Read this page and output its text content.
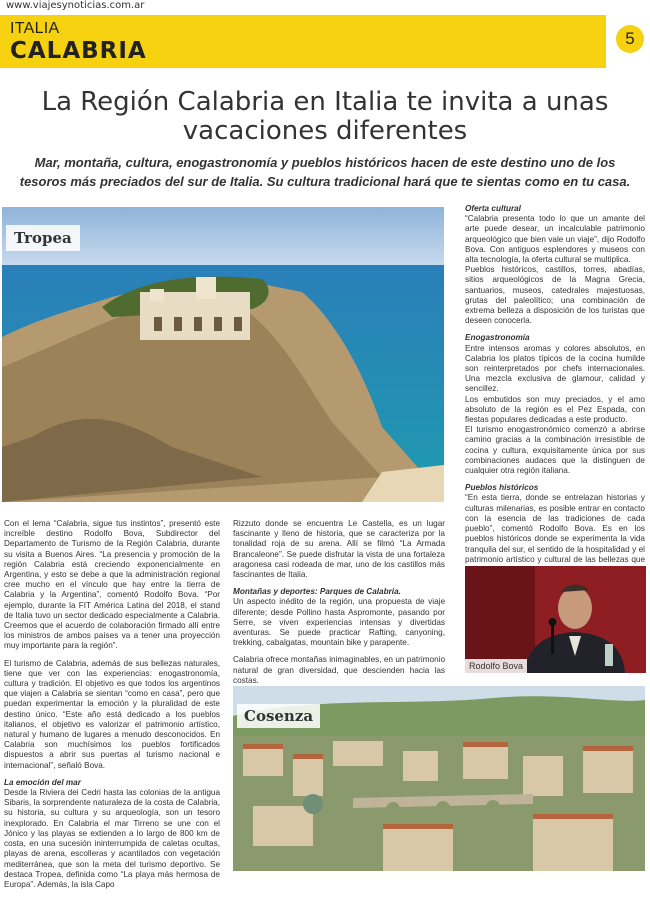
www.viajesynoticias.com.ar
ITALIA
CALABRIA	5
La Región Calabria en Italia te invita a unas vacaciones diferentes
Mar, montaña, cultura, enogastronomía y pueblos históricos hacen de este destino uno de los tesoros más preciados del sur de Italia. Su cultura tradicional hará que te sientas como en tu casa.
Tropea

Con el lema “Calabria, sigue tus instintos”, presentó este increíble destino Rodolfo Bova, Subdirector del Departamento de Turismo de la Región Calabria, durante su visita a Buenos Aires. “La presencia y promoción de la región Calabria está creciendo exponencialmente en Argentina, y esto se debe a que la administración regional cree mucho en el vínculo que hay entre la tierra de Calabria y la Argentina”, comentó Rodolfo Bova. “Por ejemplo, durante la FIT América Latina del 2018, el stand de Italia tuvo un sector dedicado especialmente a Calabria. Creemos que el acuerdo de colaboración firmado allí entre los ministros de ambos países va a tener una proyección muy importante para la región”.

El turismo de Calabria, además de sus bellezas naturales, tiene que ver con las experiencias: enogastronomía, cultura y tradición. El objetivo es que todos los argentinos que viajen a Calabria se sientan “como en casa”, pero que puedan experimentar la emoción y la pluralidad de este destino único. “Este año está dedicado a los pueblos italianos, el objetivo es valorizar el patrimonio artístico, natural y humano de lugares a menudo desconocidos. En Calabria son muchísimos los pueblos fortificados dispuestos a abrir sus puertas al turismo nacional e internacional”, señaló Bova.

La emoción del mar

Desde la Riviera dei Cedri hasta las colonias de la antigua Sibaris, la sorprendente naturaleza de la costa de Calabria, su historia, su cultura y su arqueología, son un tesoro inexplorado. En Calabria el mar Tirreno se une con el Jónico y las playas se extienden a lo largo de 800 km de costa, en una sucesión ininterrumpida de caletas ocultas, playas de arena, escolleras y acantilados con vegetación mediterránea, que son la meta del turismo deportivo. Se destaca Tropea, definida como “La playa más hermosa de Europa”. Además, la isla Capo

Rizzuto donde se encuentra Le Castella, es un lugar fascinante y lleno de historia, que se caracteriza por la tonalidad roja de su arena. Allí se filmó “La Armada Brancaleone”. Se puede disfrutar la vista de una fortaleza aragonesa casi rodeada de mar, uno de los castillos más fascinantes de Italia.

Montañas y deportes: Parques de Calabria.

Un aspecto inédito de la región, una propuesta de viaje diferente; desde Pollino hasta Aspromonte, pasando por Serre, se viven experiencias intensas y divertidas aventuras. Se puede practicar Rafting, canyoning, trekking, cabalgatas, mountain bike y parapente.

Calabria ofrece montañas inimaginables, en un patrimonio natural de gran diversidad, que descienden hacia las costas.

Cosenza

Oferta cultural

“Calabria presenta todo lo que un amante del arte puede desear, un incalculable patrimonio arqueológico que bien vale un viaje”, dijo Rodolfo Bova. Con antiguos esplendores y museos con alta tecnología, la oferta cultural se multiplica.

Pueblos históricos, castillos, torres, abadías, sitios arqueológicos de la Magna Grecia, santuarios, museos, catedrales majestuosas, grutas del paleolítico; una combinación de extrema belleza a disposición de los turistas que deseen conocerla.

Enogastronomía

Entre intensos aromas y colores absolutos, en Calabria los platos típicos de la cocina humilde son reinterpretados por chefs internacionales. Una mezcla exclusiva de glamour, calidad y sencillez.

Los embutidos son muy preciados, y el amo absoluto de la región es el Pez Espada, con fiestas populares dedicadas a este producto.

El turismo enogastronómico comenzó a abrirse camino gracias a la combinación irresistible de cocina y cultura, exquisitamente única por sus combinaciones audaces que la distinguen de cualquier otra región italiana.

Pueblos históricos

“En esta tierra, donde se entrelazan historias y culturas milenarias, es posible entrar en contacto con la esencia de las tradiciones de cada pueblo”, comentó Rodolfo Bova. Es en los pueblos históricos donde se experimenta la vida tranquila del sur, el sentido de la hospitalidad y el patrimonio artístico y cultural de las bellezas que

Rodolfo Bova
